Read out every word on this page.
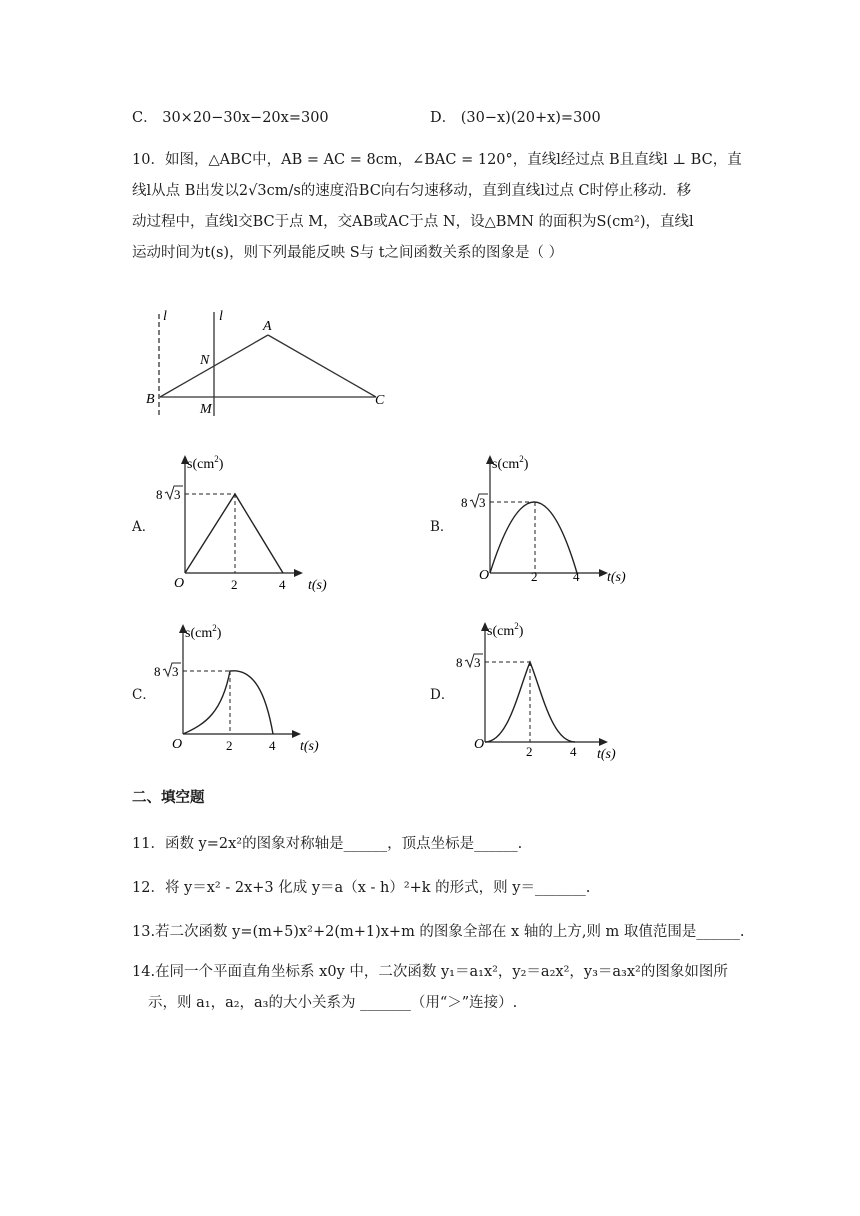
C． 30×20−30x−20x=300	D． (30−x)(20+x)=300
10．如图，△ABC中，AB = AC = 8cm，∠BAC = 120°，直线l经过点 B且直线l ⊥ BC，直
线l从点 B出发以2√3cm/s的速度沿BC向右匀速移动，直到直线l过点 C时停止移动．移
动过程中，直线l交BC于点 M，交AB或AC于点 N，设△BMN 的面积为S(cm²)，直线l
运动时间为t(s)，则下列最能反映 S与 t之间函数关系的图象是（ ）
l	l
A
B	C
M
N
A．	B．
C．	D．
$s(cm^2)$
8 3
O	2	4 t(s)
$s(cm^2)$
8 3
O	2	4 t(s)
$s(cm^2)$
8 3
O	2	4 t(s)
$s(cm^2)$
8 3
O	2	4 t(s)
二、填空题
11．函数 y=2x²的图象对称轴是______，顶点坐标是______.
12．将 y＝x² - 2x+3 化成 y＝a（x - h）²+k 的形式，则 y＝_______.
13.若二次函数 y=(m+5)x²+2(m+1)x+m 的图象全部在 x 轴的上方,则 m 取值范围是______.
14.在同一个平面直角坐标系 x0y 中，二次函数 y₁＝a₁x²，y₂＝a₂x²，y₃＝a₃x²的图象如图所
示，则 a₁，a₂，a₃的大小关系为 _______（用“＞”连接）.
